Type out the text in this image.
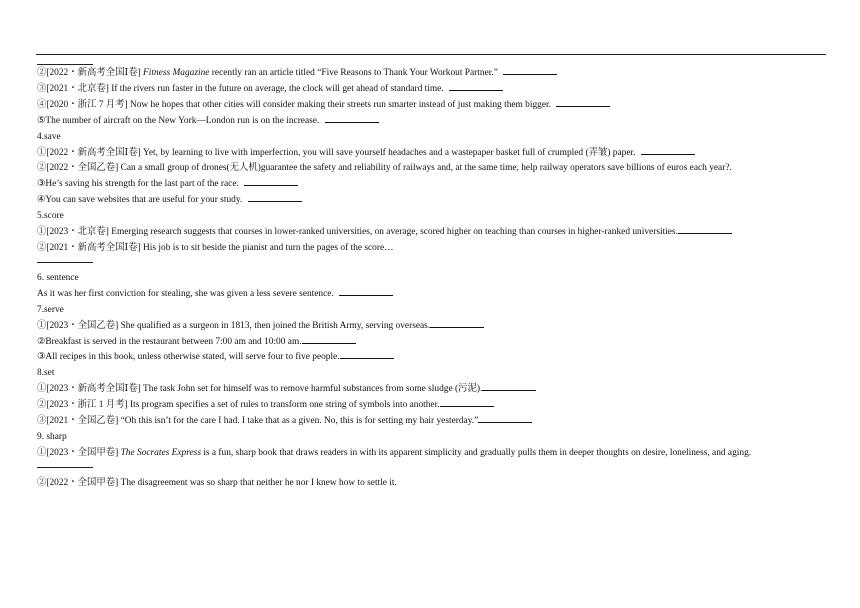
②[2022・新高考全国Ⅰ卷] Fitness Magazine recently ran an article titled “Five Reasons to Thank Your Workout Partner.”
③[2021・北京卷] If the rivers run faster in the future on average, the clock will get ahead of standard time.
④[2020・浙江 7 月考] Now he hopes that other cities will consider making their streets run smarter instead of just making them bigger.
⑤The number of aircraft on the New York—London run is on the increase.
4.save
①[2022・新高考全国Ⅰ卷] Yet, by learning to live with imperfection, you will save yourself headaches and a wastepaper basket full of crumpled (弄皱) paper.
②[2022・全国乙卷] Can a small group of drones(无人机)guarantee the safety and reliability of railways and, at the same time, help railway operators save billions of euros each year?.
③He’s saving his strength for the last part of the race.
④You can save websites that are useful for your study.
5.score
①[2023・北京卷] Emerging research suggests that courses in lower-ranked universities, on average, scored higher on teaching than courses in higher-ranked universities.
②[2021・新高考全国Ⅰ卷] His job is to sit beside the pianist and turn the pages of the score…
6. sentence
As it was her first conviction for stealing, she was given a less severe sentence.
7.serve
①[2023・全国乙卷] She qualified as a surgeon in 1813, then joined the British Army, serving overseas.
②Breakfast is served in the restaurant between 7:00 am and 10:00 am.
③All recipes in this book, unless otherwise stated, will serve four to five people.
8.set
①[2023・新高考全国Ⅰ卷] The task John set for himself was to remove harmful substances from some sludge (污泥).
②[2023・浙江 1 月考] Its program specifies a set of rules to transform one string of symbols into another.
③[2021・全国乙卷] “Oh this isn’t for the care I had. I take that as a given. No, this is for setting my hair yesterday.”
9. sharp
①[2023・全国甲卷] The Socrates Express is a fun, sharp book that draws readers in with its apparent simplicity and gradually pulls them in deeper thoughts on desire, loneliness, and aging.
②[2022・全国甲卷] The disagreement was so sharp that neither he nor I knew how to settle it.
